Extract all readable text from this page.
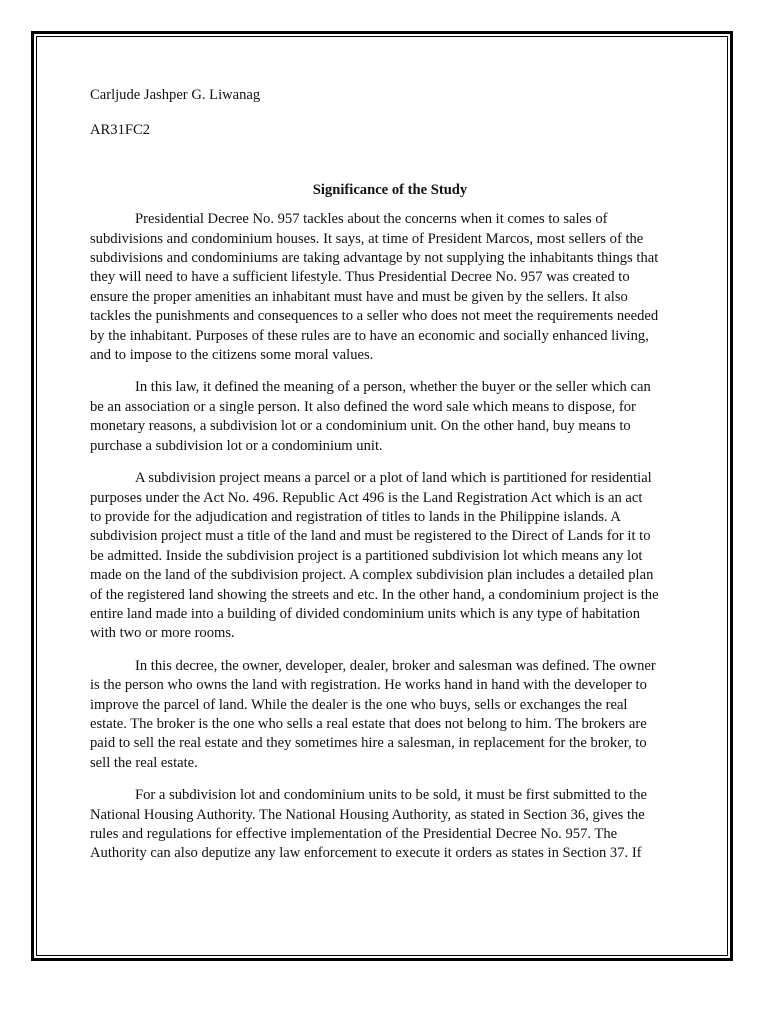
Carljude Jashper G. Liwanag

AR31FC2

Significance of the Study

Presidential Decree No. 957 tackles about the concerns when it comes to sales of
subdivisions and condominium houses. It says, at time of President Marcos, most sellers of the
subdivisions and condominiums are taking advantage by not supplying the inhabitants things that
they will need to have a sufficient lifestyle. Thus Presidential Decree No. 957 was created to
ensure the proper amenities an inhabitant must have and must be given by the sellers. It also
tackles the punishments and consequences to a seller who does not meet the requirements needed
by the inhabitant. Purposes of these rules are to have an economic and socially enhanced living,
and to impose to the citizens some moral values.
In this law, it defined the meaning of a person, whether the buyer or the seller which can
be an association or a single person. It also defined the word sale which means to dispose, for
monetary reasons, a subdivision lot or a condominium unit. On the other hand, buy means to
purchase a subdivision lot or a condominium unit.
A subdivision project means a parcel or a plot of land which is partitioned for residential
purposes under the Act No. 496. Republic Act 496 is the Land Registration Act which is an act
to provide for the adjudication and registration of titles to lands in the Philippine islands. A
subdivision project must a title of the land and must be registered to the Direct of Lands for it to
be admitted. Inside the subdivision project is a partitioned subdivision lot which means any lot
made on the land of the subdivision project. A complex subdivision plan includes a detailed plan
of the registered land showing the streets and etc. In the other hand, a condominium project is the
entire land made into a building of divided condominium units which is any type of habitation
with two or more rooms.
In this decree, the owner, developer, dealer, broker and salesman was defined. The owner
is the person who owns the land with registration. He works hand in hand with the developer to
improve the parcel of land. While the dealer is the one who buys, sells or exchanges the real
estate. The broker is the one who sells a real estate that does not belong to him. The brokers are
paid to sell the real estate and they sometimes hire a salesman, in replacement for the broker, to
sell the real estate.
For a subdivision lot and condominium units to be sold, it must be first submitted to the
National Housing Authority. The National Housing Authority, as stated in Section 36, gives the
rules and regulations for effective implementation of the Presidential Decree No. 957. The
Authority can also deputize any law enforcement to execute it orders as states in Section 37. If
